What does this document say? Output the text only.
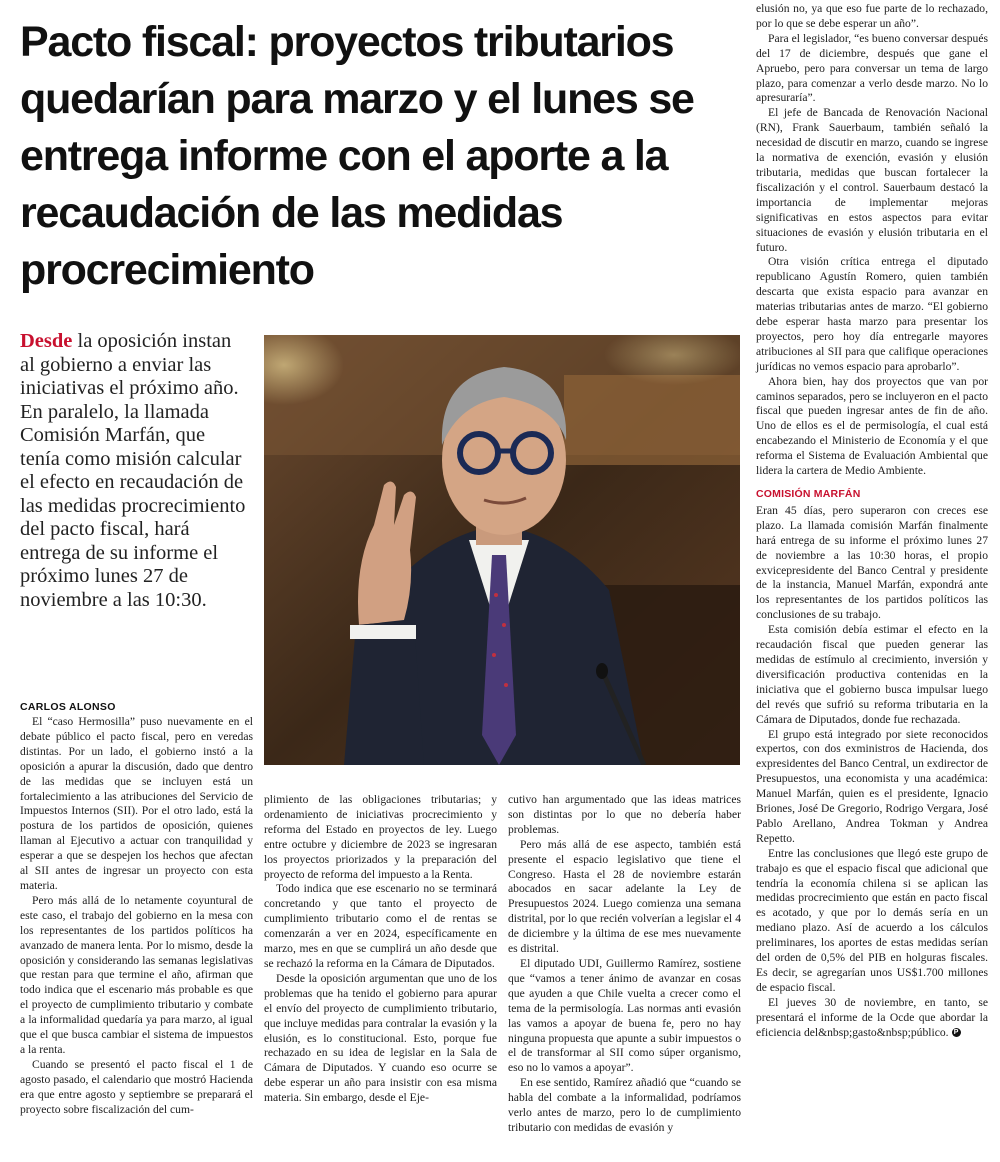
Pacto fiscal: proyectos tributarios quedarían para marzo y el lunes se entrega informe con el aporte a la recaudación de las medidas procrecimiento

Desde la oposición instan al gobierno a enviar las iniciativas el próximo año. En paralelo, la llamada Comisión Marfán, que tenía como misión calcular el efecto en recaudación de las medidas procrecimiento del pacto fiscal, hará entrega de su informe el próximo lunes 27 de noviembre a las 10:30.

CARLOS ALONSO

El “caso Hermosilla” puso nuevamente en el debate público el pacto fiscal, pero en veredas distintas. Por un lado, el gobierno instó a la oposición a apurar la discusión, dado que dentro de las medidas que se incluyen está un fortalecimiento a las atribuciones del Servicio de Impuestos Internos (SII). Por el otro lado, está la postura de los partidos de oposición, quienes llaman al Ejecutivo a actuar con tranquilidad y esperar a que se despejen los hechos que afectan al SII antes de ingresar un proyecto con esta materia.

Pero más allá de lo netamente coyuntural de este caso, el trabajo del gobierno en la mesa con los representantes de los partidos políticos ha avanzado de manera lenta. Por lo mismo, desde la oposición y considerando las semanas legislativas que restan para que termine el año, afirman que todo indica que el escenario más probable es que el proyecto de cumplimiento tributario y combate a la informalidad quedaría ya para marzo, al igual que el que busca cambiar el sistema de impuestos a la renta.

Cuando se presentó el pacto fiscal el 1 de agosto pasado, el calendario que mostró Hacienda era que entre agosto y septiembre se preparará el proyecto sobre fiscalización del cum-

plimiento de las obligaciones tributarias; y ordenamiento de iniciativas procrecimiento y reforma del Estado en proyectos de ley. Luego entre octubre y diciembre de 2023 se ingresaran los proyectos priorizados y la preparación del proyecto de reforma del impuesto a la Renta.

Todo indica que ese escenario no se terminará concretando y que tanto el proyecto de cumplimiento tributario como el de rentas se comenzarán a ver en 2024, específicamente en marzo, mes en que se cumplirá un año desde que se rechazó la reforma en la Cámara de Diputados.

Desde la oposición argumentan que uno de los problemas que ha tenido el gobierno para apurar el envío del proyecto de cumplimiento tributario, que incluye medidas para contralar la evasión y la elusión, es lo constitucional. Esto, porque fue rechazado en su idea de legislar en la Sala de Cámara de Diputados. Y cuando eso ocurre se debe esperar un año para insistir con esa misma materia. Sin embargo, desde el Eje-

cutivo han argumentado que las ideas matrices son distintas por lo que no debería haber problemas.

Pero más allá de ese aspecto, también está presente el espacio legislativo que tiene el Congreso. Hasta el 28 de noviembre estarán abocados en sacar adelante la Ley de Presupuestos 2024. Luego comienza una semana distrital, por lo que recién volverían a legislar el 4 de diciembre y la última de ese mes nuevamente es distrital.

El diputado UDI, Guillermo Ramírez, sostiene que “vamos a tener ánimo de avanzar en cosas que ayuden a que Chile vuelta a crecer como el tema de la permisología. Las normas anti evasión las vamos a apoyar de buena fe, pero no hay ninguna propuesta que apunte a subir impuestos o el de transformar al SII como súper organismo, eso no lo vamos a apoyar”.

En ese sentido, Ramírez añadió que “cuando se habla del combate a la informalidad, podríamos verlo antes de marzo, pero lo de cumplimiento tributario con medidas de evasión y

elusión no, ya que eso fue parte de lo rechazado, por lo que se debe esperar un año”.

Para el legislador, “es bueno conversar después del 17 de diciembre, después que gane el Apruebo, pero para conversar un tema de largo plazo, para comenzar a verlo desde marzo. No lo apresuraría”.

El jefe de Bancada de Renovación Nacional (RN), Frank Sauerbaum, también señaló la necesidad de discutir en marzo, cuando se ingrese la normativa de exención, evasión y elusión tributaria, medidas que buscan fortalecer la fiscalización y el control. Sauerbaum destacó la importancia de implementar mejoras significativas en estos aspectos para evitar situaciones de evasión y elusión tributaria en el futuro.

Otra visión crítica entrega el diputado republicano Agustín Romero, quien también descarta que exista espacio para avanzar en materias tributarias antes de marzo. “El gobierno debe esperar hasta marzo para presentar los proyectos, pero hoy día entregarle mayores atribuciones al SII para que califique operaciones jurídicas no vemos espacio para aprobarlo”.

Ahora bien, hay dos proyectos que van por caminos separados, pero se incluyeron en el pacto fiscal que pueden ingresar antes de fin de año. Uno de ellos es el de permisología, el cual está encabezando el Ministerio de Economía y el que reforma el Sistema de Evaluación Ambiental que lidera la cartera de Medio Ambiente.

COMISIÓN MARFÁN

Eran 45 días, pero superaron con creces ese plazo. La llamada comisión Marfán finalmente hará entrega de su informe el próximo lunes 27 de noviembre a las 10:30 horas, el propio exvicepresidente del Banco Central y presidente de la instancia, Manuel Marfán, expondrá ante los representantes de los partidos políticos las conclusiones de su trabajo.

Esta comisión debía estimar el efecto en la recaudación fiscal que pueden generar las medidas de estímulo al crecimiento, inversión y diversificación productiva contenidas en la iniciativa que el gobierno busca impulsar luego del revés que sufrió su reforma tributaria en la Cámara de Diputados, donde fue rechazada.

El grupo está integrado por siete reconocidos expertos, con dos exministros de Hacienda, dos expresidentes del Banco Central, un exdirector de Presupuestos, una economista y una académica: Manuel Marfán, quien es el presidente, Ignacio Briones, José De Gregorio, Rodrigo Vergara, José Pablo Arellano, Andrea Tokman y Andrea Repetto.

Entre las conclusiones que llegó este grupo de trabajo es que el espacio fiscal que adicional que tendría la economía chilena si se aplican las medidas procrecimiento que están en pacto fiscal es acotado, y que por lo demás sería en un mediano plazo. Así de acuerdo a los cálculos preliminares, los aportes de estas medidas serían del orden de 0,5% del PIB en holguras fiscales. Es decir, se agregarían unos US$1.700 millones de espacio fiscal.

El jueves 30 de noviembre, en tanto, se presentará el informe de la Ocde que abordar la eficiencia del&nbsp;gasto&nbsp;público. P
